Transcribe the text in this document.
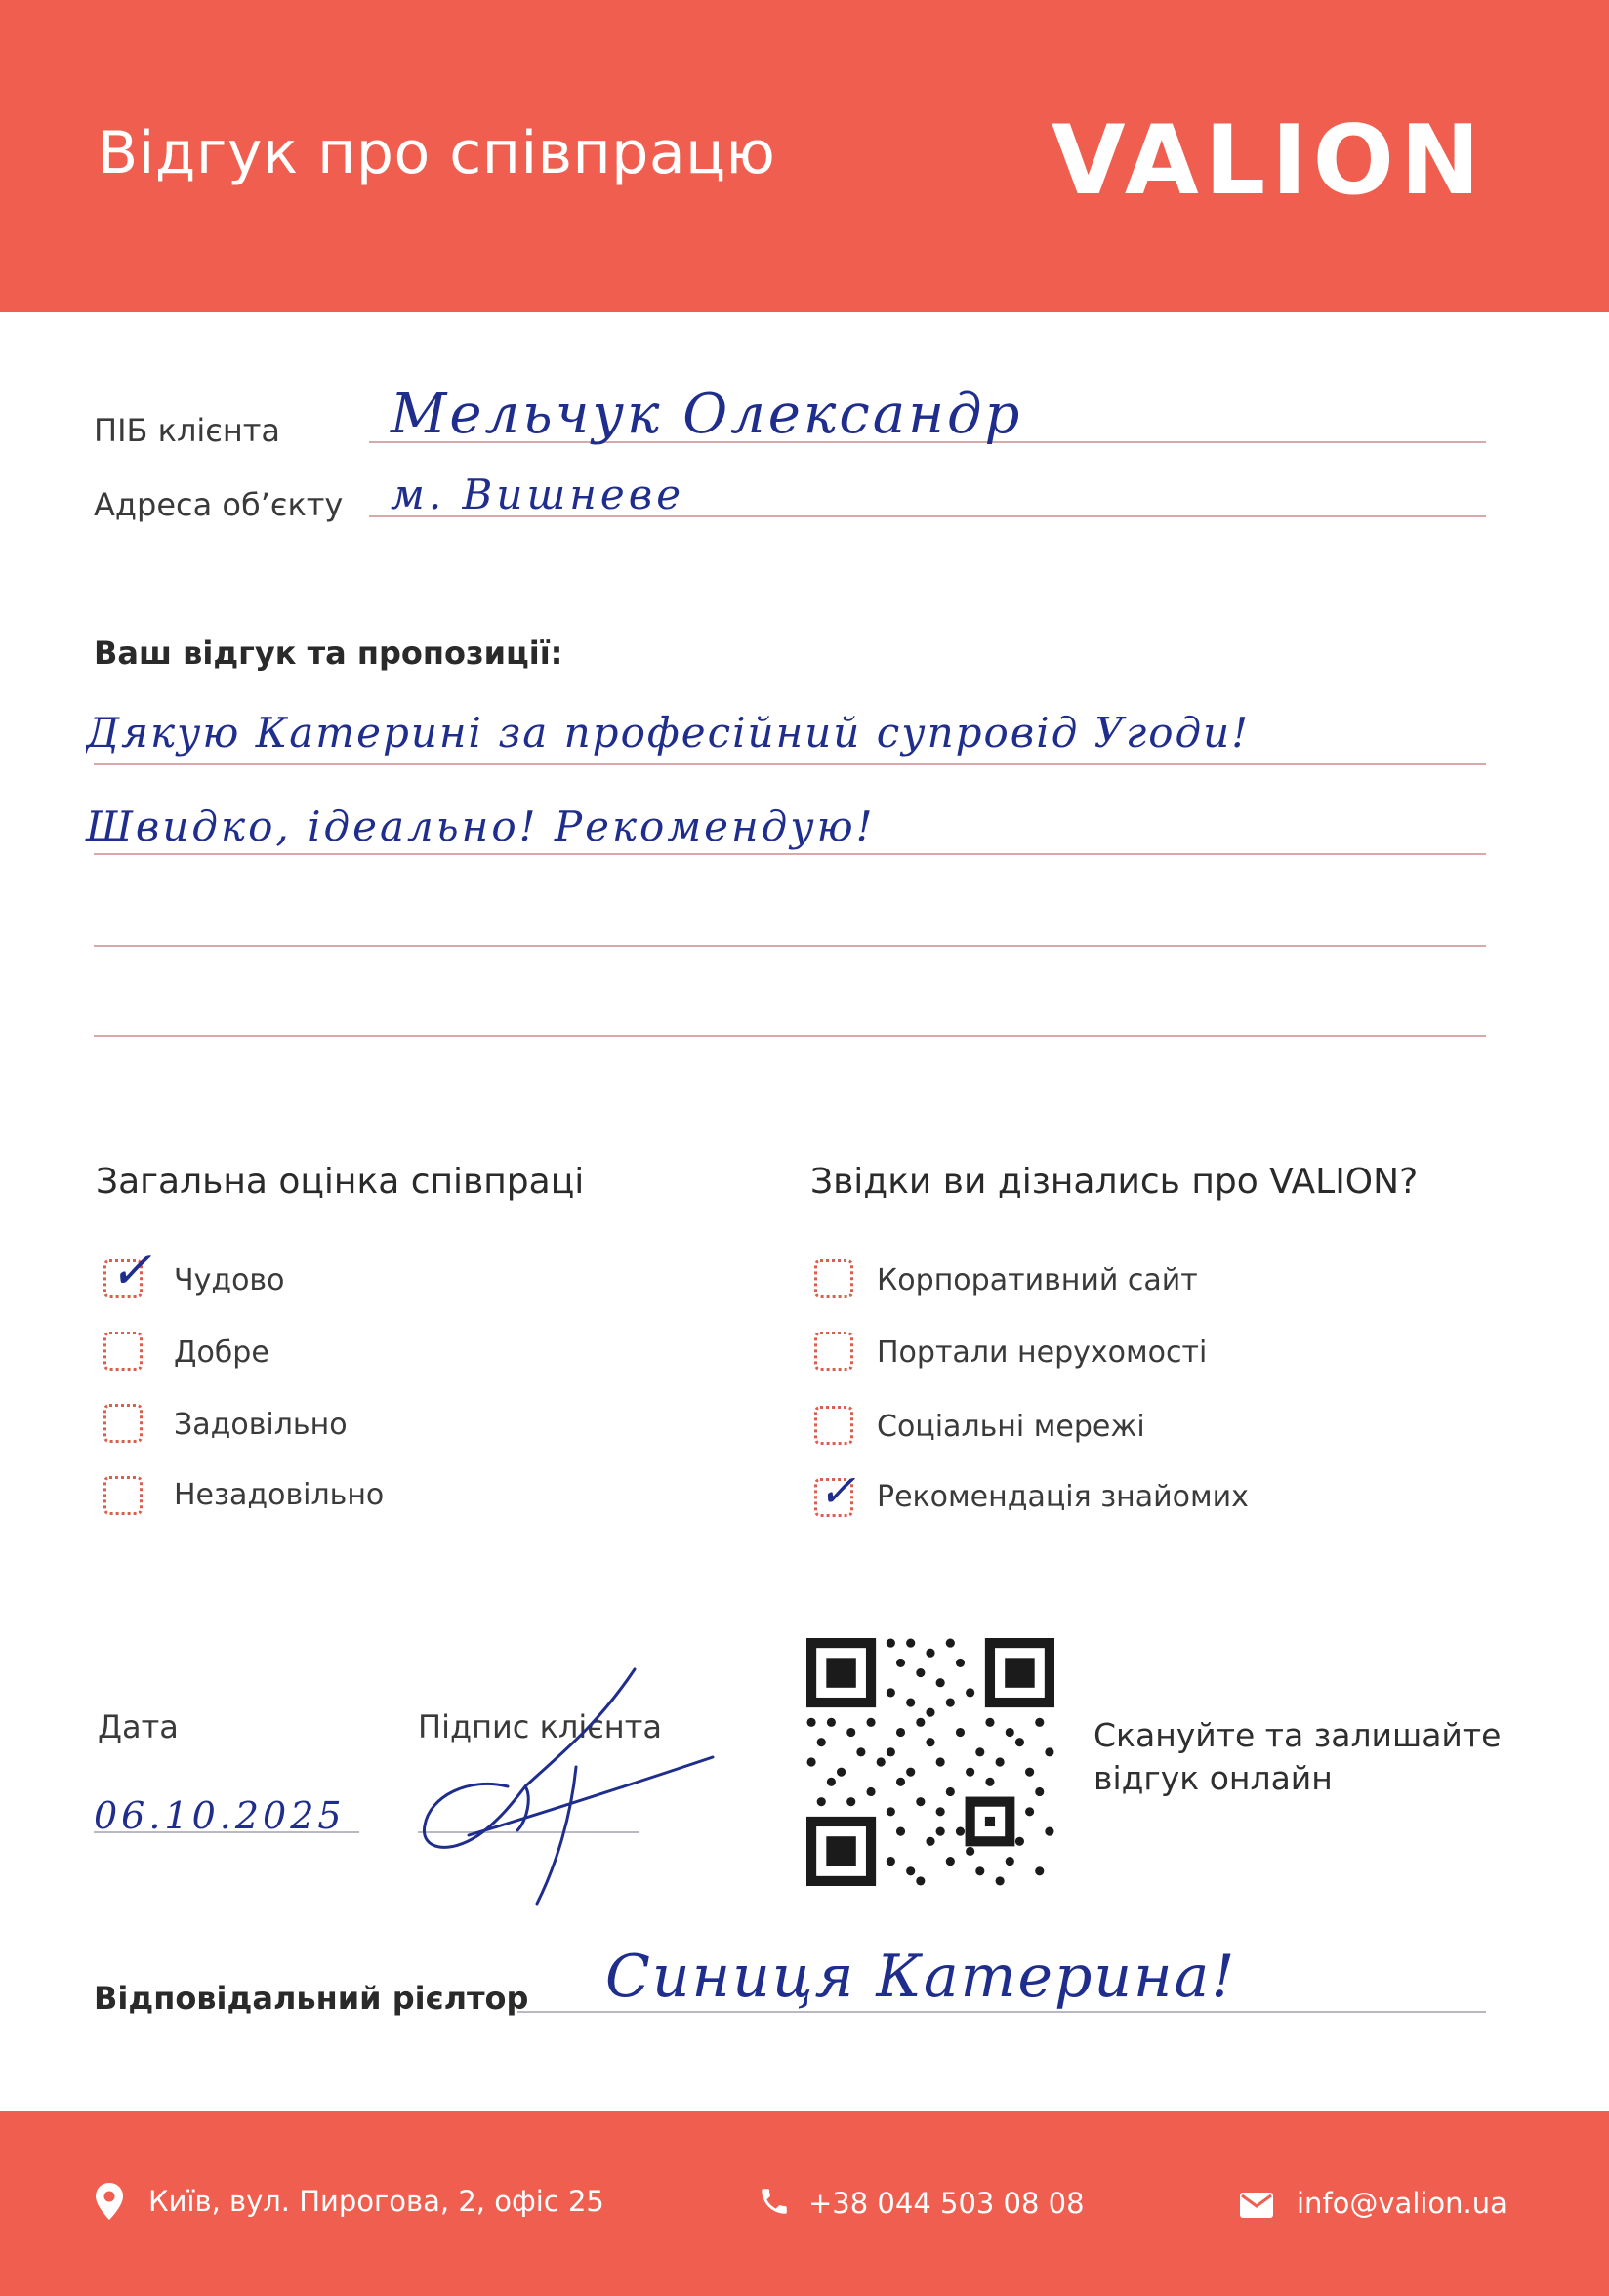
Відгук про співпрацю	VALION
ПІБ клієнта Мельчук Олександр
Адреса об’єкту м. Вишневе
Ваш відгук та пропозиції:
Дякую Катерині за професійний супровід Угоди!
Швидко, ідеально! Рекомендую!
Загальна оцінка співпраці
✓ Чудово
Добре
Задовільно
Незадовільно
Звідки ви дізнались про VALION?
Корпоративний сайт
Портали нерухомості
Соціальні мережі
✓ Рекомендація знайомих
Дата
06.10.2025
Підпис клієнта	Скануйте та залишайте
відгук онлайн
Відповідальний рієлтор Синиця Катерина!
Київ, вул. Пирогова, 2, офіс 25	+38 044 503 08 08	info@valion.ua
